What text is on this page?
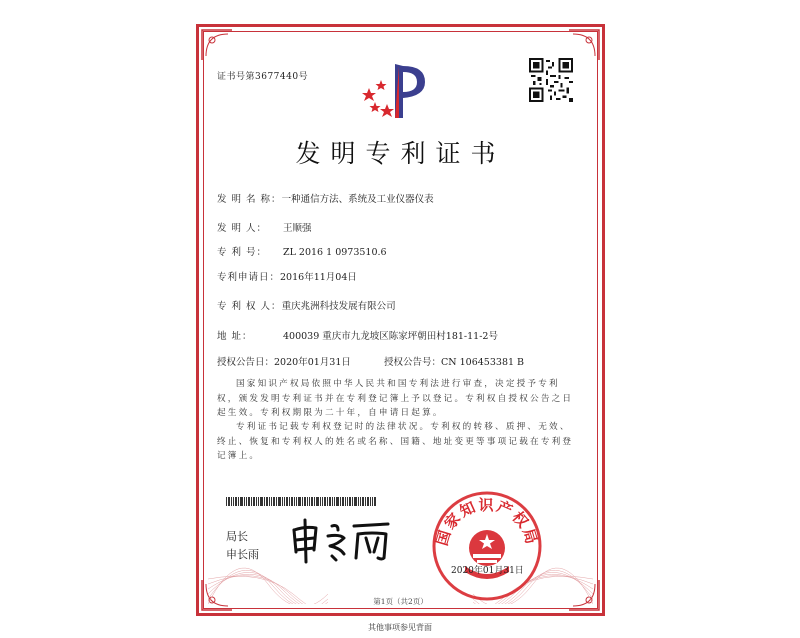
证书号第3677440号
发明专利证书
发 明 名 称：一种通信方法、系统及工业仪器仪表
发 明 人： 王顺强
专 利 号： ZL 2016 1 0973510.6
专利申请日：2016年11月04日
专 利 权 人：重庆兆洲科技发展有限公司
地 址：	400039 重庆市九龙坡区陈家坪朝田村181-11-2号
授权公告日：2020年01月31日	授权公告号：CN 106453381 B

国家知识产权局依照中华人民共和国专利法进行审查，决定授予专利权，颁发发明专利证书并在专利登记簿上予以登记。专利权自授权公告之日起生效。专利权期限为二十年，自申请日起算。

专利证书记载专利权登记时的法律状况。专利权的转移、质押、无效、终止、恢复和专利权人的姓名或名称、国籍、地址变更等事项记载在专利登记簿上。

局长
申长雨
国家知识产权局
2020年01月31日
第1页（共2页）
其他事项参见背面
